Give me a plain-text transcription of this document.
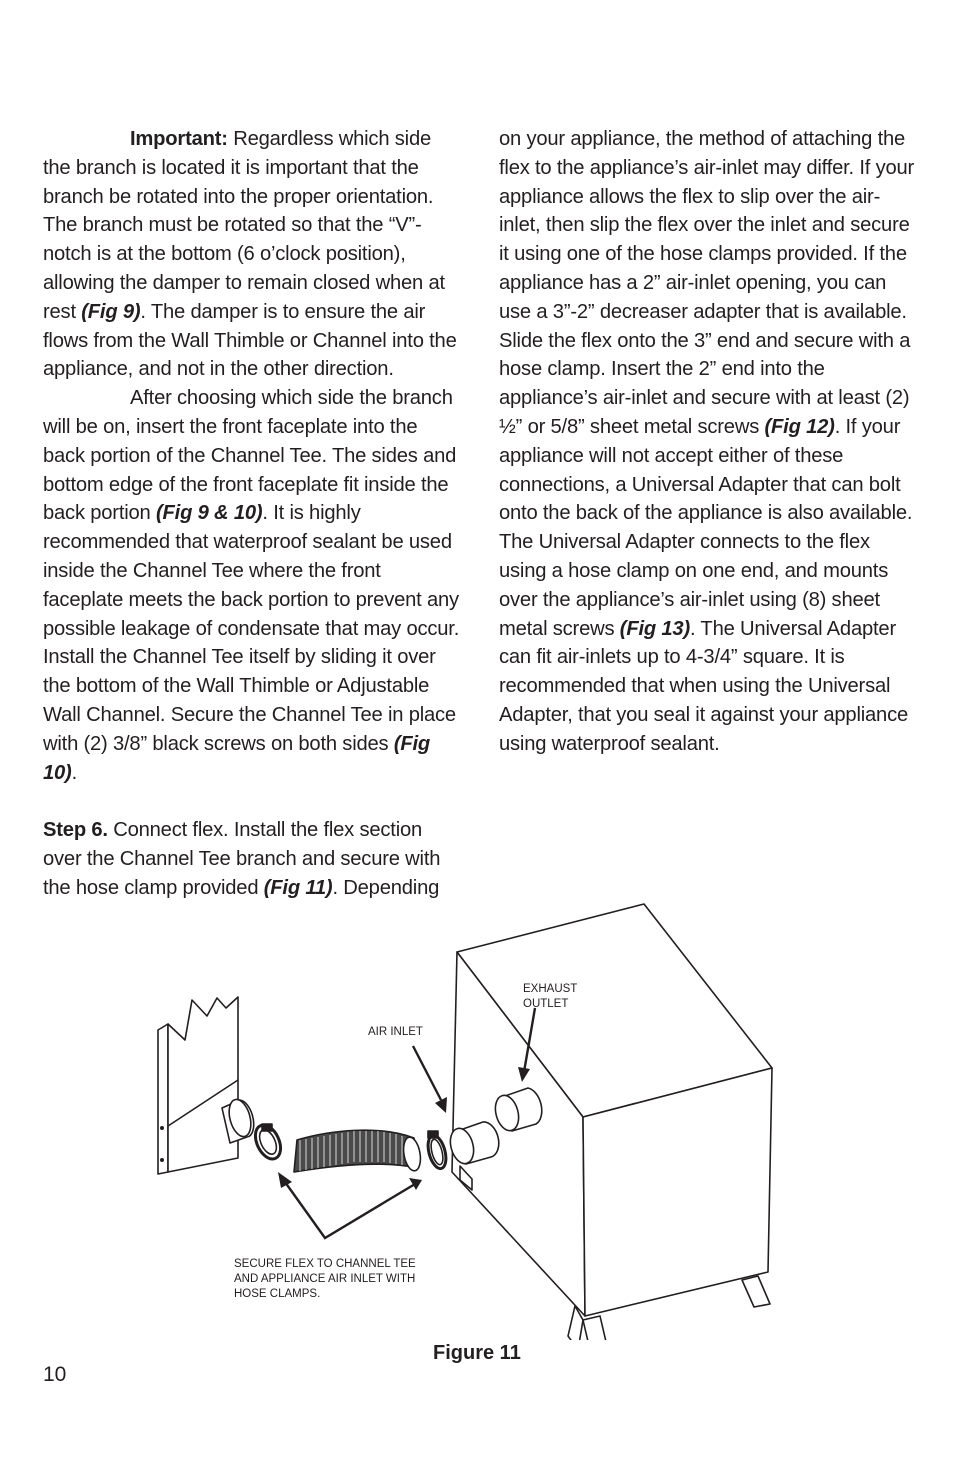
Important: Regardless which side the branch is located it is important that the branch be rotated into the proper orientation. The branch must be rotated so that the “V”-notch is at the bottom (6 o’clock position), allowing the damper to remain closed when at rest (Fig 9). The damper is to ensure the air flows from the Wall Thimble or Channel into the appliance, and not in the other direction.

After choosing which side the branch will be on, insert the front faceplate into the back portion of the Channel Tee. The sides and bottom edge of the front faceplate fit inside the back portion (Fig 9 & 10). It is highly recommended that waterproof sealant be used inside the Channel Tee where the front faceplate meets the back portion to prevent any possible leakage of condensate that may occur. Install the Channel Tee itself by sliding it over the bottom of the Wall Thimble or Adjustable Wall Channel. Secure the Channel Tee in place with (2) 3/8” black screws on both sides (Fig 10).

Step 6. Connect flex. Install the flex section over the Channel Tee branch and secure with the hose clamp provided (Fig 11). Depending

on your appliance, the method of attaching the flex to the appliance’s air-inlet may differ. If your appliance allows the flex to slip over the air-inlet, then slip the flex over the inlet and secure it using one of the hose clamps provided. If the appliance has a 2” air-inlet opening, you can use a 3”-2” decreaser adapter that is available. Slide the flex onto the 3” end and secure with a hose clamp. Insert the 2” end into the appliance’s air-inlet and secure with at least (2) ½” or 5/8” sheet metal screws (Fig 12). If your appliance will not accept either of these connections, a Universal Adapter that can bolt onto the back of the appliance is also available. The Universal Adapter connects to the flex using a hose clamp on one end, and mounts over the appliance’s air-inlet using (8) sheet metal screws (Fig 13). The Universal Adapter can fit air-inlets up to 4-3/4” square. It is recommended that when using the Universal Adapter, that you seal it against your appliance using waterproof sealant.

EXHAUST
OUTLET
AIR INLET
SECURE FLEX TO CHANNEL TEE
AND APPLIANCE AIR INLET WITH
HOSE CLAMPS.
Figure 11
10
